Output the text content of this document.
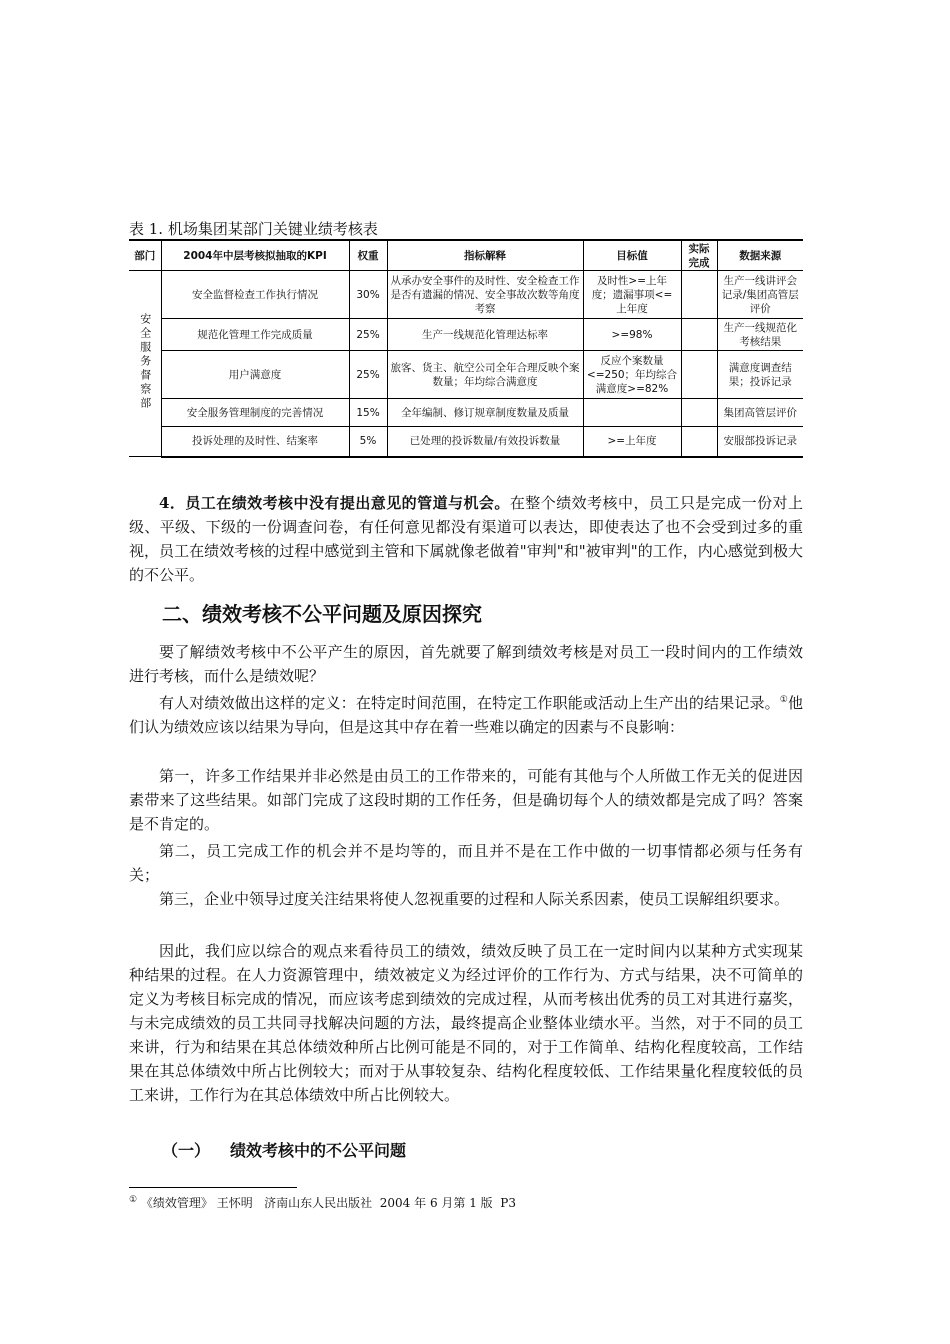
表 1. 机场集团某部门关键业绩考核表
部门	2004年中层考核拟抽取的KPI	权重	指标解释	目标值	实际完成	数据来源
安全服务督察部	安全监督检查工作执行情况	30%	从承办安全事件的及时性、安全检查工作是否有遗漏的情况、安全事故次数等角度考察	及时性>=上年度；遗漏事项<=上年度		生产一线讲评会记录/集团高管层评价
	规范化管理工作完成质量	25%	生产一线规范化管理达标率	>=98%		生产一线规范化考核结果
	用户满意度	25%	旅客、货主、航空公司全年合理反映个案数量；年均综合满意度	反应个案数量<=250；年均综合满意度>=82%		满意度调查结果；投诉记录
	安全服务管理制度的完善情况	15%	全年编制、修订规章制度数量及质量			集团高管层评价
	投诉处理的及时性、结案率	5%	已处理的投诉数量/有效投诉数量	>=上年度		安服部投诉记录
4．员工在绩效考核中没有提出意见的管道与机会。在整个绩效考核中，员工只是完成一份对上级、平级、下级的一份调查问卷，有任何意见都没有渠道可以表达，即使表达了也不会受到过多的重视，员工在绩效考核的过程中感觉到主管和下属就像老做着"审判"和"被审判"的工作，内心感觉到极大的不公平。
二、绩效考核不公平问题及原因探究
要了解绩效考核中不公平产生的原因，首先就要了解到绩效考核是对员工一段时间内的工作绩效进行考核，而什么是绩效呢？
有人对绩效做出这样的定义：在特定时间范围，在特定工作职能或活动上生产出的结果记录。①他们认为绩效应该以结果为导向，但是这其中存在着一些难以确定的因素与不良影响：
第一，许多工作结果并非必然是由员工的工作带来的，可能有其他与个人所做工作无关的促进因素带来了这些结果。如部门完成了这段时期的工作任务，但是确切每个人的绩效都是完成了吗？答案是不肯定的。
第二，员工完成工作的机会并不是均等的，而且并不是在工作中做的一切事情都必须与任务有关；
第三，企业中领导过度关注结果将使人忽视重要的过程和人际关系因素，使员工误解组织要求。
因此，我们应以综合的观点来看待员工的绩效，绩效反映了员工在一定时间内以某种方式实现某种结果的过程。在人力资源管理中，绩效被定义为经过评价的工作行为、方式与结果，决不可简单的定义为考核目标完成的情况，而应该考虑到绩效的完成过程，从而考核出优秀的员工对其进行嘉奖，与未完成绩效的员工共同寻找解决问题的方法，最终提高企业整体业绩水平。当然，对于不同的员工来讲，行为和结果在其总体绩效种所占比例可能是不同的，对于工作简单、结构化程度较高，工作结果在其总体绩效中所占比例较大；而对于从事较复杂、结构化程度较低、工作结果量化程度较低的员工来讲，工作行为在其总体绩效中所占比例较大。
（一） 绩效考核中的不公平问题
① 《绩效管理》 王怀明   济南山东人民出版社  2004 年 6 月第 1 版  P3
